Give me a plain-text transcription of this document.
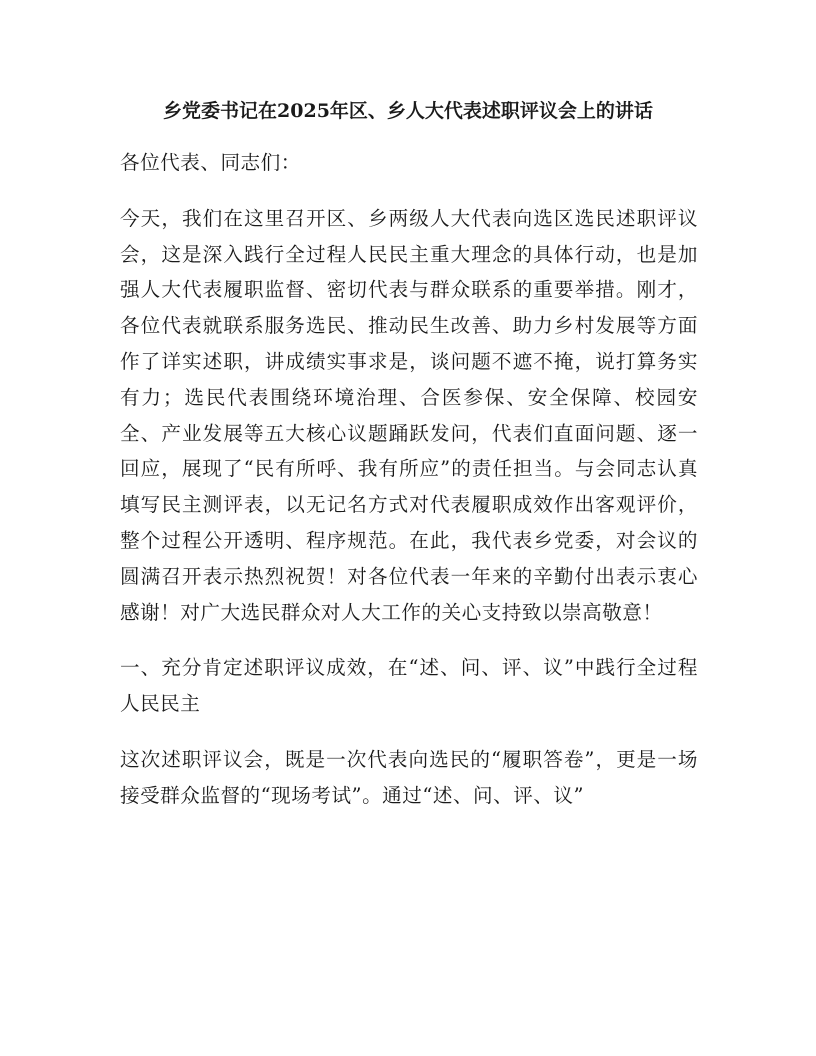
乡党委书记在2025年区、乡人大代表述职评议会上的讲话

各位代表、同志们：

今天，我们在这里召开区、乡两级人大代表向选区选民述职评议会，这是深入践行全过程人民民主重大理念的具体行动，也是加强人大代表履职监督、密切代表与群众联系的重要举措。刚才，各位代表就联系服务选民、推动民生改善、助力乡村发展等方面作了详实述职，讲成绩实事求是，谈问题不遮不掩，说打算务实有力；选民代表围绕环境治理、合医参保、安全保障、校园安全、产业发展等五大核心议题踊跃发问，代表们直面问题、逐一回应，展现了“民有所呼、我有所应”的责任担当。与会同志认真填写民主测评表，以无记名方式对代表履职成效作出客观评价，整个过程公开透明、程序规范。在此，我代表乡党委，对会议的圆满召开表示热烈祝贺！对各位代表一年来的辛勤付出表示衷心感谢！对广大选民群众对人大工作的关心支持致以崇高敬意！

一、充分肯定述职评议成效，在“述、问、评、议”中践行全过程人民民主

这次述职评议会，既是一次代表向选民的“履职答卷”，更是一场接受群众监督的“现场考试”。通过“述、问、评、议”
